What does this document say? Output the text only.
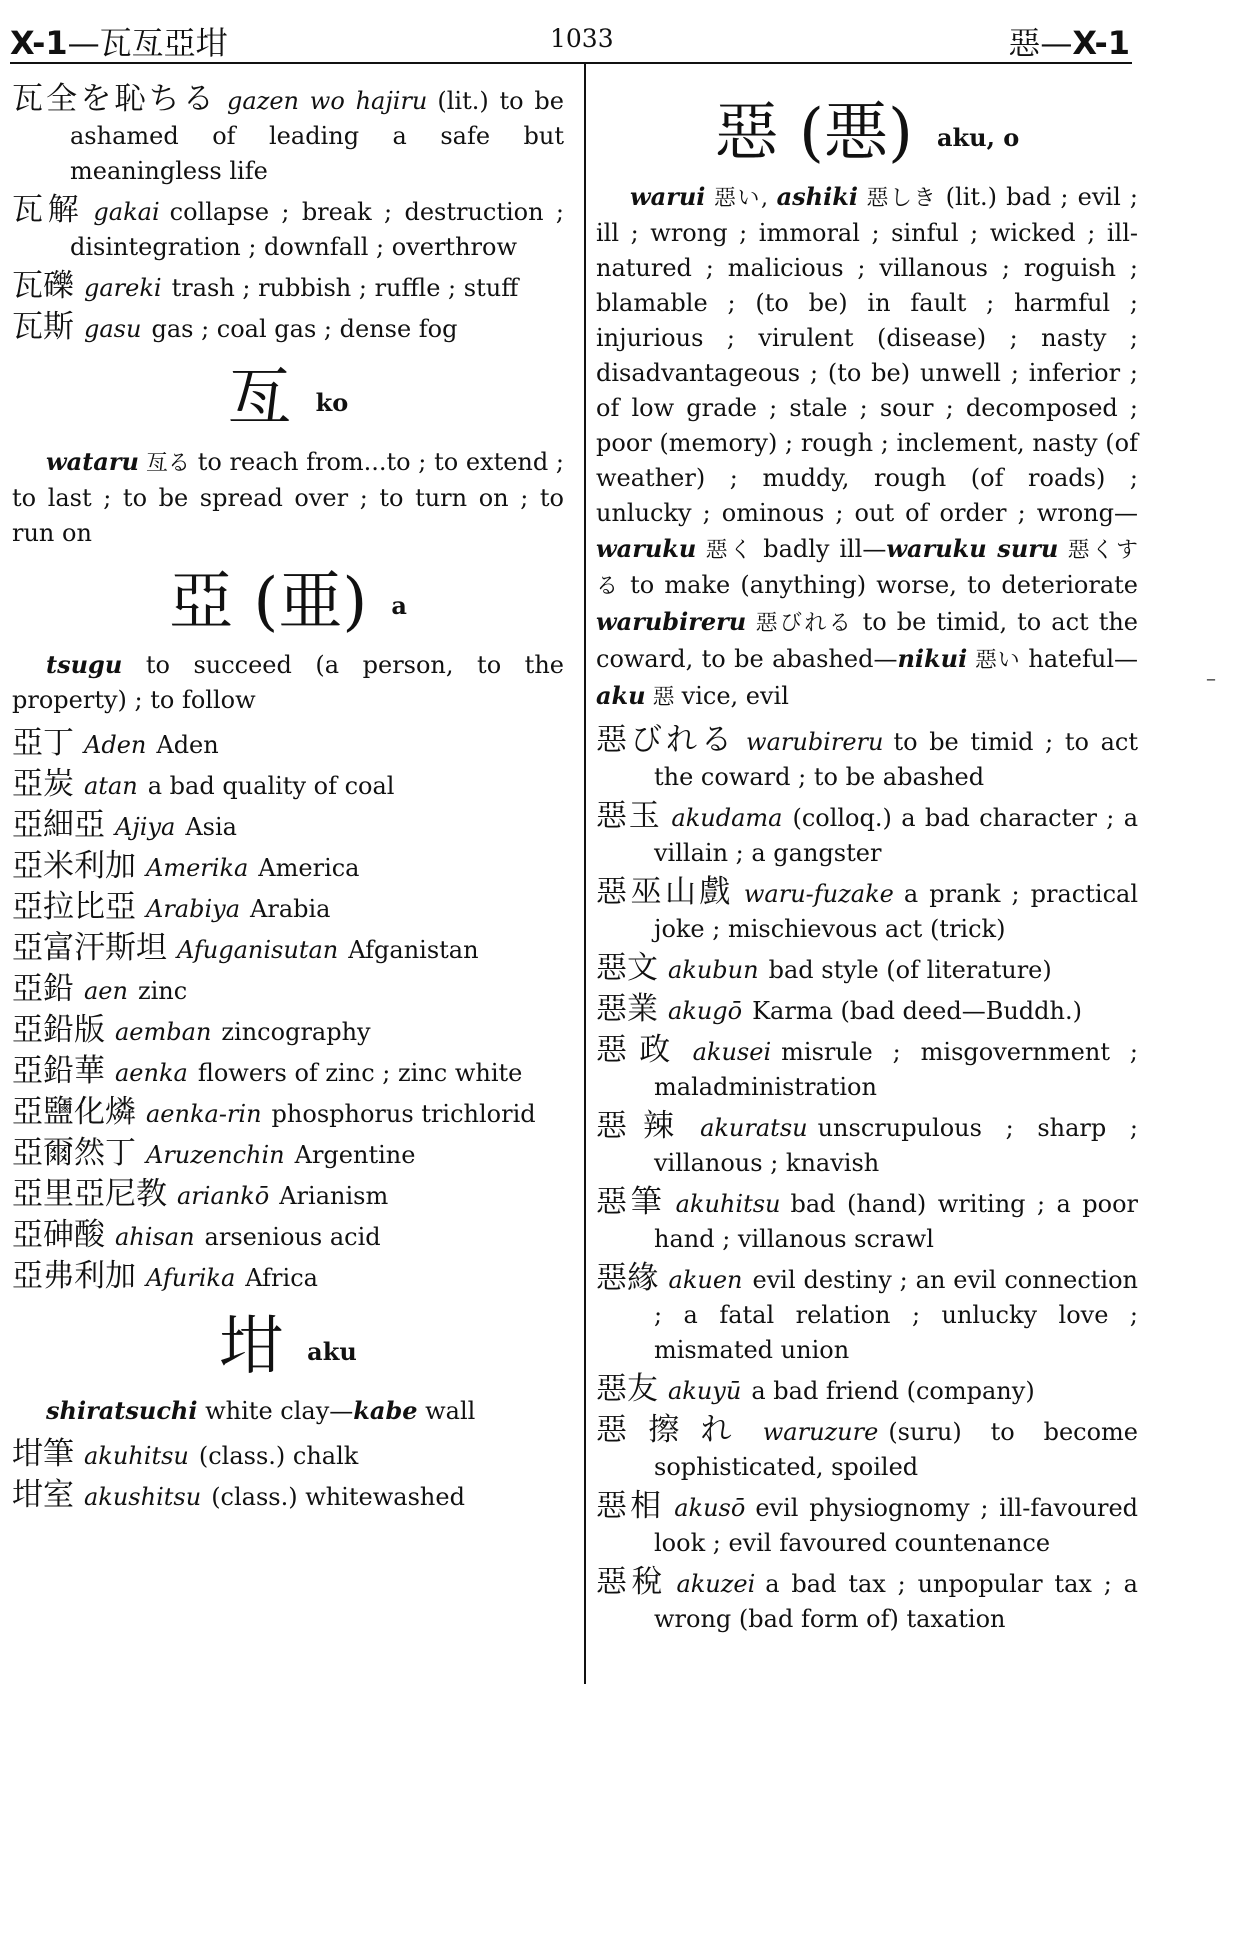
X-1—瓦亙亞坩	1033	惡—X-1
–
瓦全を恥ちる gazen wo hajiru (lit.) to be ashamed of leading a safe but meaningless life
瓦解 gakai collapse ; break ; destruction ; disintegration ; downfall ; overthrow
瓦礫 gareki trash ; rubbish ; ruffle ; stuff
瓦斯 gasu gas ; coal gas ; dense fog
亙 ko
wataru 亙る to reach from...to ; to extend ; to last ; to be spread over ; to turn on ; to run on
亞 (亜) a
tsugu to succeed (a person, to the property) ; to follow
亞丁 Aden Aden
亞炭 atan a bad quality of coal
亞細亞 Ajiya Asia
亞米利加 Amerika America
亞拉比亞 Arabiya Arabia
亞富汗斯坦 Afuganisutan Afganistan
亞鉛 aen zinc
亞鉛版 aemban zincography
亞鉛華 aenka flowers of zinc ; zinc white
亞鹽化燐 aenka-rin phosphorus trichlorid
亞爾然丁 Aruzenchin Argentine
亞里亞尼教 ariankō Arianism
亞砷酸 ahisan arsenious acid
亞弗利加 Afurika Africa
坩 aku
shiratsuchi white clay—kabe wall
坩筆 akuhitsu (class.) chalk
坩室 akushitsu (class.) whitewashed
惡 (悪) aku, o
warui 惡い, ashiki 惡しき (lit.) bad ; evil ; ill ; wrong ; immoral ; sinful ; wicked ; ill-natured ; malicious ; villanous ; roguish ; blamable ; (to be) in fault ; harmful ; injurious ; virulent (disease) ; nasty ; disadvantageous ; (to be) unwell ; inferior ; of low grade ; stale ; sour ; decomposed ; poor (memory) ; rough ; inclement, nasty (of weather) ; muddy, rough (of roads) ; unlucky ; ominous ; out of order ; wrong—waruku 惡く badly ill—waruku suru 惡くする to make (anything) worse, to deteriorate warubireru 惡びれる to be timid, to act the coward, to be abashed—nikui 惡い hateful—aku 惡 vice, evil
惡びれる warubireru to be timid ; to act the coward ; to be abashed
惡玉 akudama (colloq.) a bad character ; a villain ; a gangster
惡巫山戲 waru-fuzake a prank ; practical joke ; mischievous act (trick)
惡文 akubun bad style (of literature)
惡業 akugō Karma (bad deed—Buddh.)
惡政 akusei misrule ; misgovernment ; maladministration
惡辣 akuratsu unscrupulous ; sharp ; villanous ; knavish
惡筆 akuhitsu bad (hand) writing ; a poor hand ; villanous scrawl
惡緣 akuen evil destiny ; an evil connection ; a fatal relation ; unlucky love ; mismated union
惡友 akuyū a bad friend (company)
惡擦れ waruzure (suru) to become sophisticated, spoiled
惡相 akusō evil physiognomy ; ill-favoured look ; evil favoured countenance
惡稅 akuzei a bad tax ; unpopular tax ; a wrong (bad form of) taxation
